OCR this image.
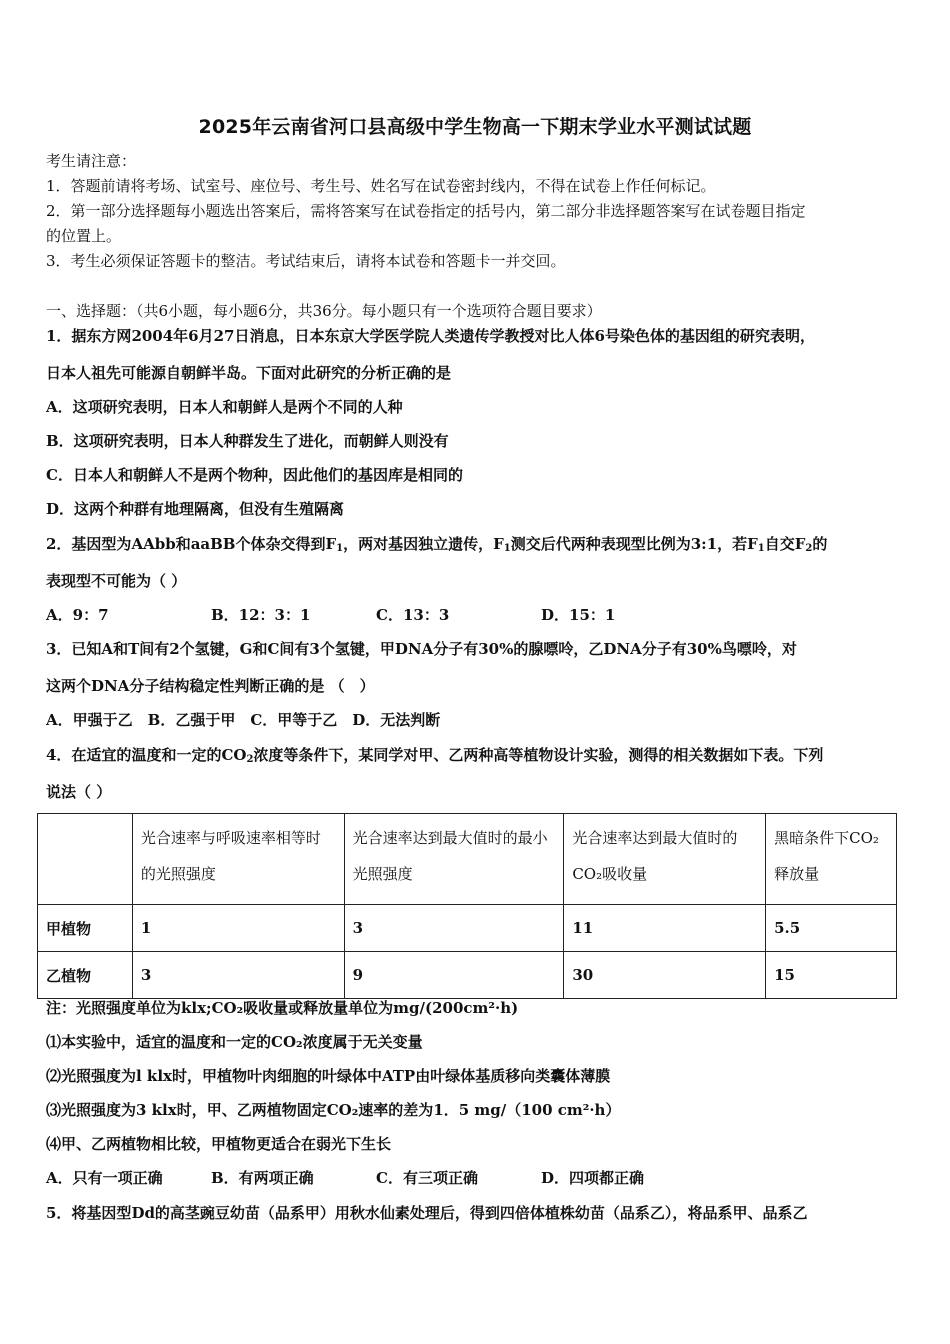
2025年云南省河口县高级中学生物高一下期末学业水平测试试题
考生请注意：
1．答题前请将考场、试室号、座位号、考生号、姓名写在试卷密封线内，不得在试卷上作任何标记。
2．第一部分选择题每小题选出答案后，需将答案写在试卷指定的括号内，第二部分非选择题答案写在试卷题目指定
的位置上。
3．考生必须保证答题卡的整洁。考试结束后，请将本试卷和答题卡一并交回。
一、选择题：（共6小题，每小题6分，共36分。每小题只有一个选项符合题目要求）
1．据东方网2004年6月27日消息，日本东京大学医学院人类遗传学教授对比人体6号染色体的基因组的研究表明，
日本人祖先可能源自朝鲜半岛。下面对此研究的分析正确的是
A．这项研究表明，日本人和朝鲜人是两个不同的人种
B．这项研究表明，日本人种群发生了进化，而朝鲜人则没有
C．日本人和朝鲜人不是两个物种，因此他们的基因库是相同的
D．这两个种群有地理隔离，但没有生殖隔离
2．基因型为AAbb和aaBB个体杂交得到$F_1$，两对基因独立遗传，$F_1$测交后代两种表现型比例为3:1，若$F_1$自交$F_2$的
表现型不可能为（ ）
A．9：7	B．12：3：1	C．13：3	D．15：1
3．已知A和T间有2个氢键，G和C间有3个氢键，甲DNA分子有30%的腺嘌呤，乙DNA分子有30%鸟嘌呤，对
这两个DNA分子结构稳定性判断正确的是 （　）
A．甲强于乙　B．乙强于甲　C．甲等于乙　D．无法判断
4．在适宜的温度和一定的$CO_2$浓度等条件下，某同学对甲、乙两种高等植物设计实验，测得的相关数据如下表。下列
说法（ ）
	光合速率与呼吸速率相等时的光照强度	光合速率达到最大值时的最小光照强度	光合速率达到最大值时的CO₂吸收量	黑暗条件下CO₂释放量
甲植物	1	3	11	5.5
乙植物	3	9	30	15
注：光照强度单位为klx;CO₂吸收量或释放量单位为mg/(200cm²·h)
⑴本实验中，适宜的温度和一定的CO₂浓度属于无关变量
⑵光照强度为l klx时，甲植物叶肉细胞的叶绿体中ATP由叶绿体基质移向类囊体薄膜
⑶光照强度为3 klx时，甲、乙两植物固定CO₂速率的差为1．5 mg/（100 cm²·h）
⑷甲、乙两植物相比较，甲植物更适合在弱光下生长
A．只有一项正确	B．有两项正确	C．有三项正确	D．四项都正确
5．将基因型Dd的高茎豌豆幼苗（品系甲）用秋水仙素处理后，得到四倍体植株幼苗（品系乙），将品系甲、品系乙
